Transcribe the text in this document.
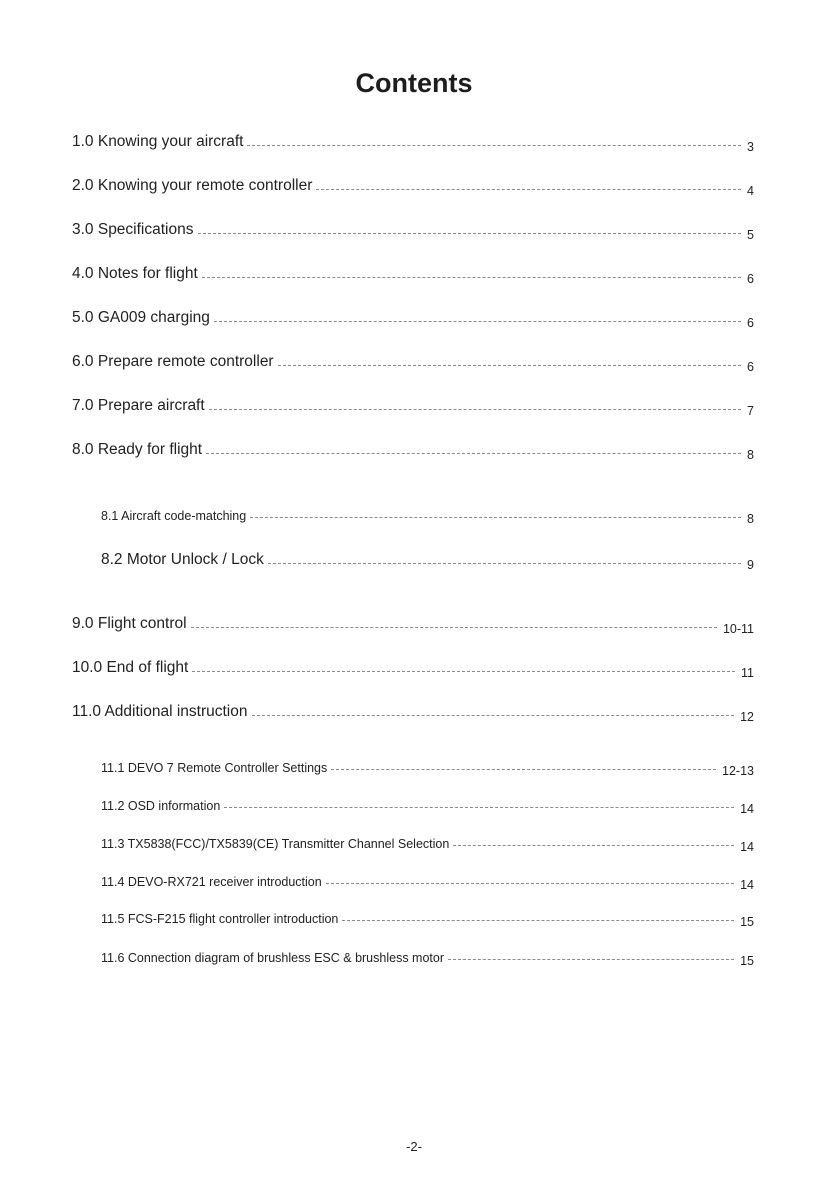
Contents
1.0 Knowing your aircraft	3
2.0 Knowing your remote controller	4
3.0 Specifications	5
4.0 Notes for flight	6
5.0 GA009 charging	6
6.0 Prepare remote controller	6
7.0 Prepare aircraft	7
8.0 Ready for flight	8
8.1 Aircraft code-matching	8
8.2 Motor Unlock / Lock	9
9.0 Flight control	10-11
10.0 End of flight	11
11.0 Additional instruction	12
11.1 DEVO 7 Remote Controller Settings	12-13
11.2 OSD information	14
11.3 TX5838(FCC)/TX5839(CE) Transmitter Channel Selection	14
11.4 DEVO-RX721 receiver introduction	14
11.5 FCS-F215 flight controller introduction	15
11.6 Connection diagram of brushless ESC & brushless motor	15
-2-
